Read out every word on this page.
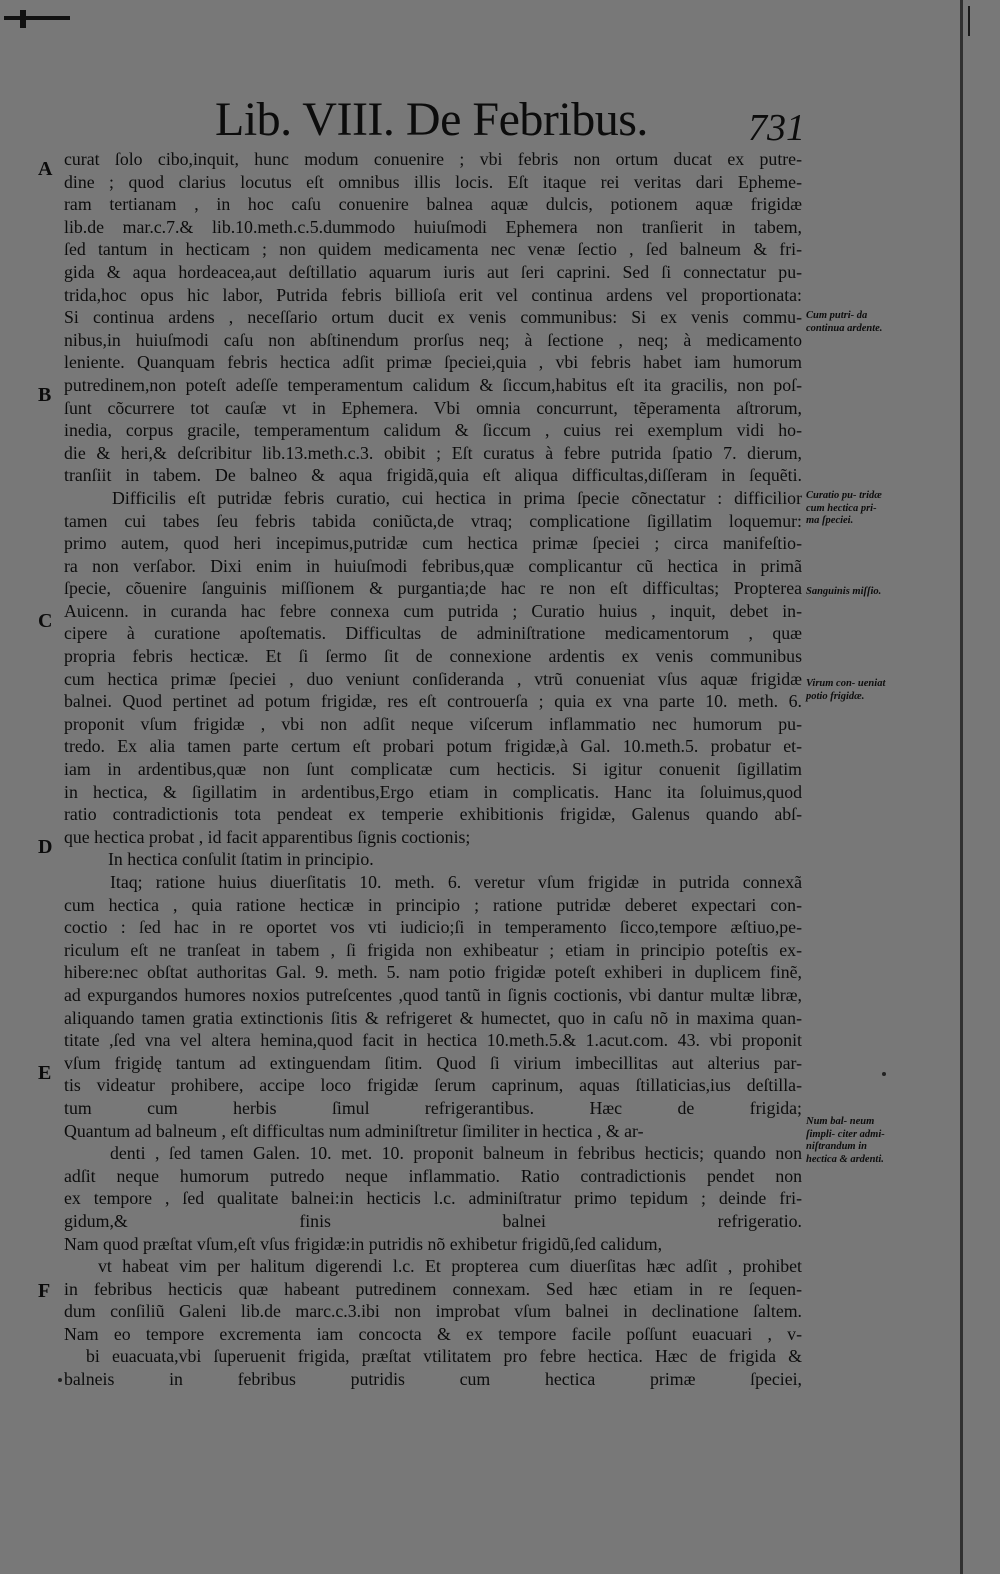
Lib. VIII. De Febribus.	731
A
B
C
D
E
F
curat ſolo cibo,inquit, hunc modum conuenire ; vbi febris non ortum ducat ex putre-
dine ; quod clarius locutus eſt omnibus illis locis. Eſt itaque rei veritas dari Epheme-
ram tertianam , in hoc caſu conuenire balnea aquæ dulcis, potionem aquæ frigidæ
lib.de mar.c.7.& lib.10.meth.c.5.dummodo huiuſmodi Ephemera non tranſierit in tabem,
ſed tantum in hecticam ; non quidem medicamenta nec venæ ſectio , ſed balneum & fri-
gida & aqua hordeacea,aut deſtillatio aquarum iuris aut ſeri caprini. Sed ſi connectatur pu-
trida,hoc opus hic labor, Putrida febris billioſa erit vel continua ardens vel proportionata:
Si continua ardens , neceſſario ortum ducit ex venis communibus: Si ex venis commu-
nibus,in huiuſmodi caſu non abſtinendum prorſus neq; à ſectione , neq; à medicamento
leniente. Quanquam febris hectica adſit primæ ſpeciei,quia , vbi febris habet iam humorum
putredinem,non poteſt adeſſe temperamentum calidum & ſiccum,habitus eſt ita gracilis, non poſ-
ſunt cõcurrere tot cauſæ vt in Ephemera. Vbi omnia concurrunt, tẽperamenta aſtrorum,
inedia, corpus gracile, temperamentum calidum & ſiccum , cuius rei exemplum vidi ho-
die & heri,& deſcribitur lib.13.meth.c.3. obibit ; Eſt curatus à febre putrida ſpatio 7. dierum,
tranſiit in tabem. De balneo & aqua frigidã,quia eſt aliqua difficultas,diſſeram in ſequẽti.
Difficilis eſt putridæ febris curatio, cui hectica in prima ſpecie cõnectatur : difficilior
tamen cui tabes ſeu febris tabida coniũcta,de vtraq; complicatione ſigillatim loquemur:
primo autem, quod heri incepimus,putridæ cum hectica primæ ſpeciei ; circa manifeſtio-
ra non verſabor. Dixi enim in huiuſmodi febribus,quæ complicantur cũ hectica in primã
ſpecie, cõuenire ſanguinis miſſionem & purgantia;de hac re non eſt difficultas; Propterea
Auicenn. in curanda hac febre connexa cum putrida ; Curatio huius , inquit, debet in-
cipere à curatione apoſtematis. Difficultas de adminiſtratione medicamentorum , quæ
propria febris hecticæ. Et ſi ſermo ſit de connexione ardentis ex venis communibus
cum hectica primæ ſpeciei , duo veniunt conſideranda , vtrũ conueniat vſus aquæ frigidæ
balnei. Quod pertinet ad potum frigidæ, res eſt controuerſa ; quia ex vna parte 10. meth. 6.
proponit vſum frigidæ , vbi non adſit neque viſcerum inflammatio nec humorum pu-
tredo. Ex alia tamen parte certum eſt probari potum frigidæ,à Gal. 10.meth.5. probatur et-
iam in ardentibus,quæ non ſunt complicatæ cum hecticis. Si igitur conuenit ſigillatim
in hectica, & ſigillatim in ardentibus,Ergo etiam in complicatis. Hanc ita ſoluimus,quod
ratio contradictionis tota pendeat ex temperie exhibitionis frigidæ, Galenus quando abſ-
que hectica probat , id facit apparentibus ſignis coctionis;
In hectica conſulit ſtatim in principio.
Itaq; ratione huius diuerſitatis 10. meth. 6. veretur vſum frigidæ in putrida connexã
cum hectica , quia ratione hecticæ in principio ; ratione putridæ deberet expectari con-
coctio : ſed hac in re oportet vos vti iudicio;ſi in temperamento ſicco,tempore æſtiuo,pe-
riculum eſt ne tranſeat in tabem , ſi frigida non exhibeatur ; etiam in principio poteſtis ex-
hibere:nec obſtat authoritas Gal. 9. meth. 5. nam potio frigidæ poteſt exhiberi in duplicem finẽ,
ad expurgandos humores noxios putreſcentes ,quod tantũ in ſignis coctionis, vbi dantur multæ libræ,
aliquando tamen gratia extinctionis ſitis & refrigeret & humectet, quo in caſu nõ in maxima quan-
titate ,ſed vna vel altera hemina,quod facit in hectica 10.meth.5.& 1.acut.com. 43. vbi proponit
vſum frigidę tantum ad extinguendam ſitim. Quod ſi virium imbecillitas aut alterius par-
tis videatur prohibere, accipe loco frigidæ ſerum caprinum, aquas ſtillaticias,ius deſtilla-
tum cum herbis ſimul refrigerantibus. Hæc de frigida;
Quantum ad balneum , eſt difficultas num adminiſtretur ſimiliter in hectica , & ar-
denti , ſed tamen Galen. 10. met. 10. proponit balneum in febribus hecticis; quando non
adſit neque humorum putredo neque inflammatio. Ratio contradictionis pendet non
ex tempore , ſed qualitate balnei:in hecticis l.c. adminiſtratur primo tepidum ; deinde fri-
gidum,& finis balnei refrigeratio.
Nam quod præſtat vſum,eſt vſus frigidæ:in putridis nõ exhibetur frigidũ,ſed calidum,
vt habeat vim per halitum digerendi l.c. Et propterea cum diuerſitas hæc adſit , prohibet
in febribus hecticis quæ habeant putredinem connexam. Sed hæc etiam in re ſequen-
dum conſiliũ Galeni lib.de marc.c.3.ibi non improbat vſum balnei in declinatione ſaltem.
Nam eo tempore excrementa iam concocta & ex tempore facile poſſunt euacuari , v-
bi euacuata,vbi ſuperuenit frigida, præſtat vtilitatem pro febre hectica. Hæc de frigida &
balneis in febribus putridis cum hectica primæ ſpeciei,
Cum putri- da continua ardente.
Curatio pu- tridæ cum hectica pri- ma ſpeciei.
Sanguinis miſſio.
Virum con- ueniat potio frigidæ.
Num bal- neum ſimpli- citer admi- niſtrandum in hectica & ardenti.
